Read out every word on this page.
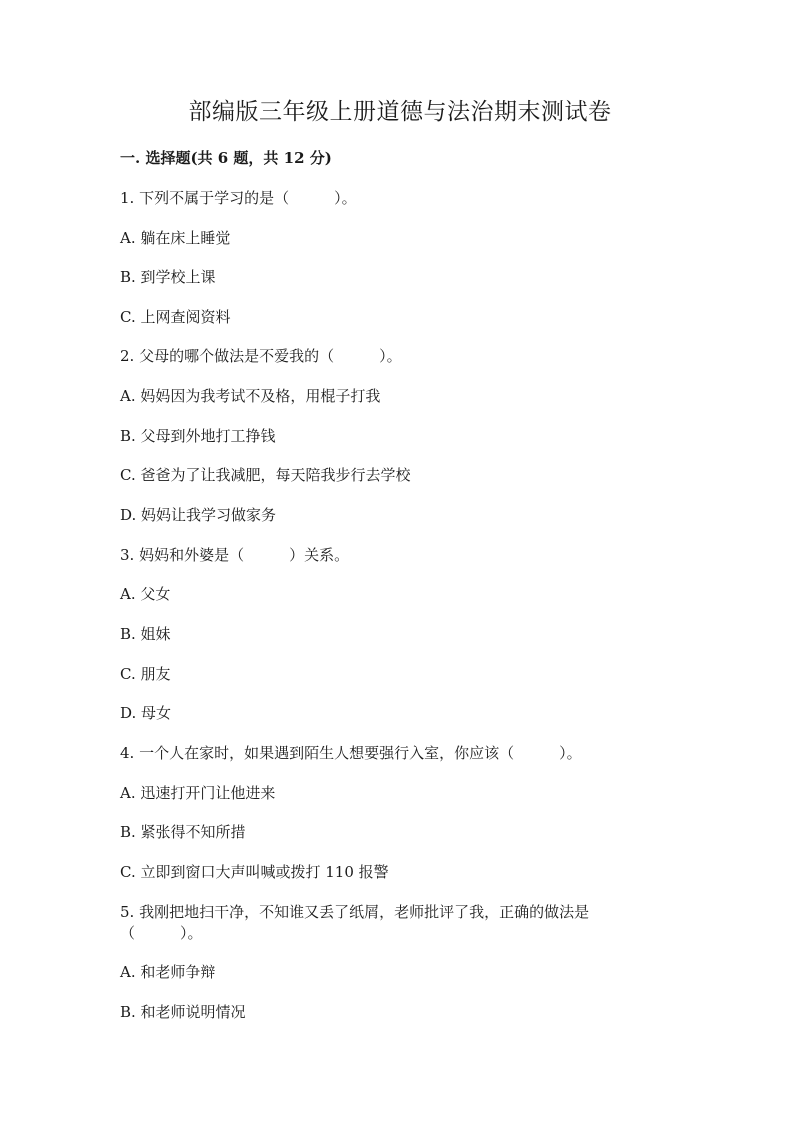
部编版三年级上册道德与法治期末测试卷
一. 选择题(共 6 题，共 12 分)
1. 下列不属于学习的是（　　　）。
A. 躺在床上睡觉
B. 到学校上课
C. 上网查阅资料
2. 父母的哪个做法是不爱我的（　　　）。
A. 妈妈因为我考试不及格，用棍子打我
B. 父母到外地打工挣钱
C. 爸爸为了让我减肥，每天陪我步行去学校
D. 妈妈让我学习做家务
3. 妈妈和外婆是（　　　）关系。
A. 父女
B. 姐妹
C. 朋友
D. 母女
4. 一个人在家时，如果遇到陌生人想要强行入室，你应该（　　　）。
A. 迅速打开门让他进来
B. 紧张得不知所措
C. 立即到窗口大声叫喊或拨打 110 报警
5. 我刚把地扫干净，不知谁又丢了纸屑，老师批评了我，正确的做法是
（　　　）。
A. 和老师争辩
B. 和老师说明情况
